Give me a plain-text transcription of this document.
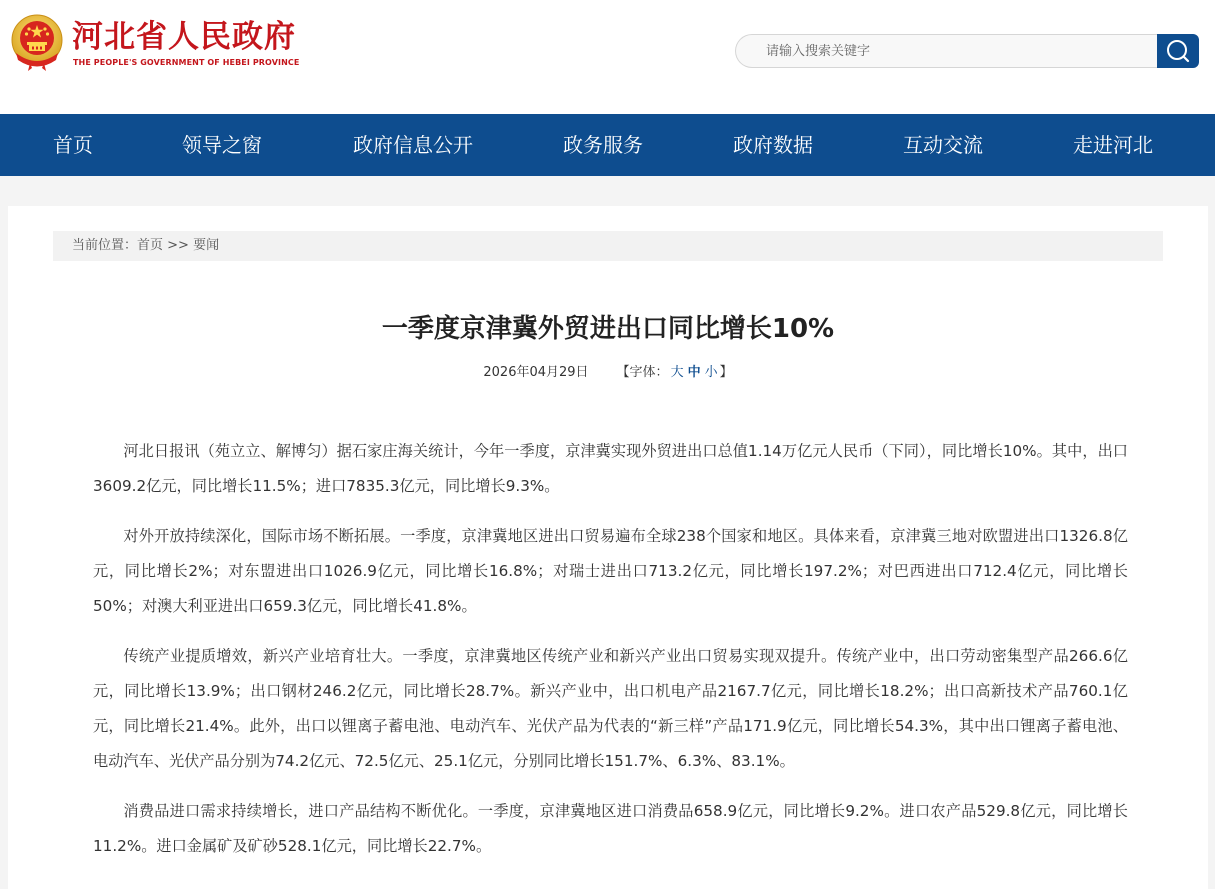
河北省人民政府
THE PEOPLE'S GOVERNMENT OF HEBEI PROVINCE
请输入搜索关键字
首页	领导之窗	政府信息公开	政务服务	政府数据	互动交流	走进河北
当前位置：首页 >> 要闻
一季度京津冀外贸进出口同比增长10%
2026年04月29日 【字体： 大 中 小 】

河北日报讯（苑立立、解博匀）据石家庄海关统计，今年一季度，京津冀实现外贸进出口总值1.14万亿元人民币（下同），同比增长10%。其中，出口3609.2亿元，同比增长11.5%；进口7835.3亿元，同比增长9.3%。

对外开放持续深化，国际市场不断拓展。一季度，京津冀地区进出口贸易遍布全球238个国家和地区。具体来看，京津冀三地对欧盟进出口1326.8亿元，同比增长2%；对东盟进出口1026.9亿元，同比增长16.8%；对瑞士进出口713.2亿元，同比增长197.2%；对巴西进出口712.4亿元，同比增长50%；对澳大利亚进出口659.3亿元，同比增长41.8%。

传统产业提质增效，新兴产业培育壮大。一季度，京津冀地区传统产业和新兴产业出口贸易实现双提升。传统产业中，出口劳动密集型产品266.6亿元，同比增长13.9%；出口钢材246.2亿元，同比增长28.7%。新兴产业中，出口机电产品2167.7亿元，同比增长18.2%；出口高新技术产品760.1亿元，同比增长21.4%。此外，出口以锂离子蓄电池、电动汽车、光伏产品为代表的“新三样”产品171.9亿元，同比增长54.3%，其中出口锂离子蓄电池、电动汽车、光伏产品分别为74.2亿元、72.5亿元、25.1亿元，分别同比增长151.7%、6.3%、83.1%。

消费品进口需求持续增长，进口产品结构不断优化。一季度，京津冀地区进口消费品658.9亿元，同比增长9.2%。进口农产品529.8亿元，同比增长11.2%。进口金属矿及矿砂528.1亿元，同比增长22.7%。
